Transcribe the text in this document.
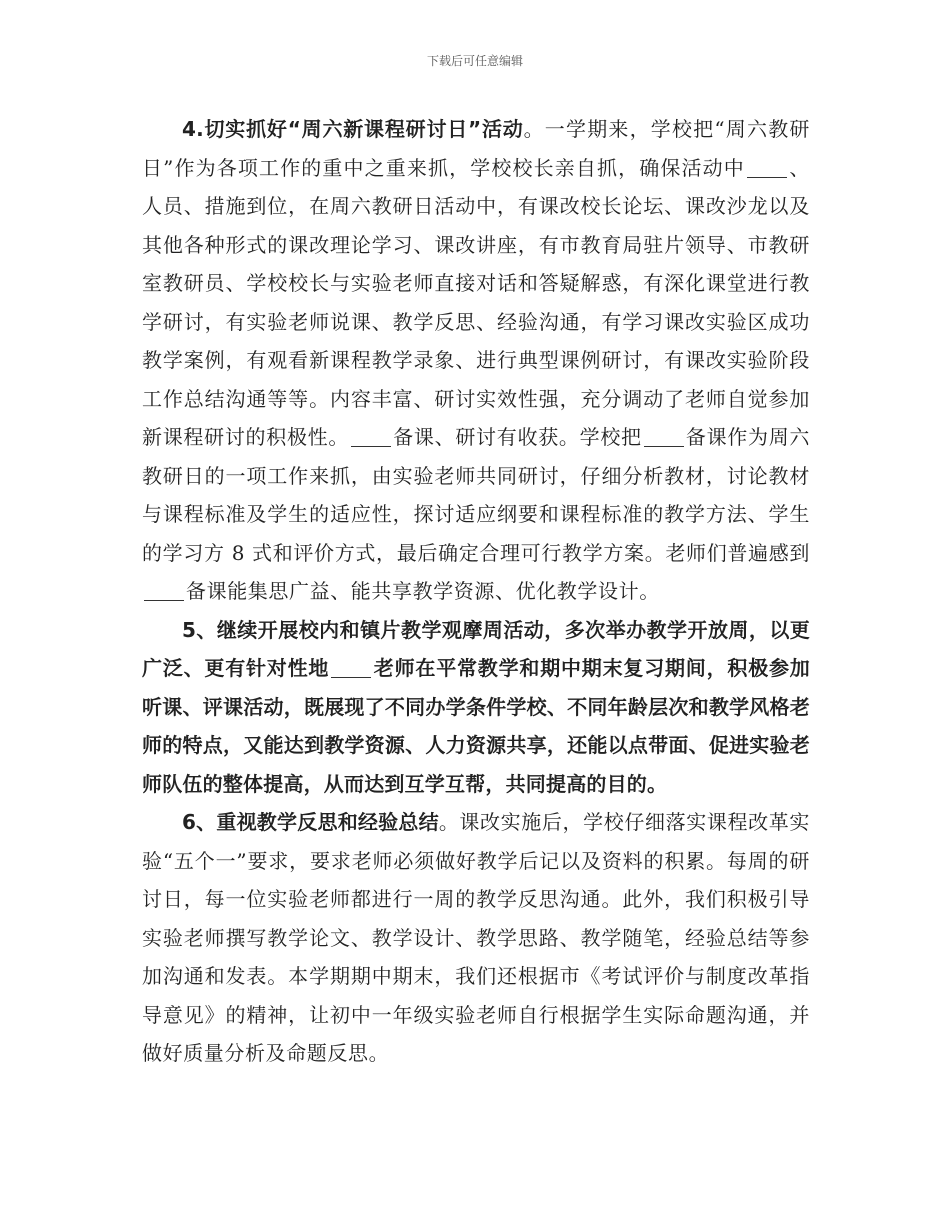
下载后可任意编辑

4.切实抓好“周六新课程研讨日”活动。一学期来，学校把“周六教研日”作为各项工作的重中之重来抓，学校校长亲自抓，确保活动中 、人员、措施到位，在周六教研日活动中，有课改校长论坛、课改沙龙以及其他各种形式的课改理论学习、课改讲座，有市教育局驻片领导、市教研室教研员、学校校长与实验老师直接对话和答疑解惑，有深化课堂进行教学研讨，有实验老师说课、教学反思、经验沟通，有学习课改实验区成功教学案例，有观看新课程教学录象、进行典型课例研讨，有课改实验阶段工作总结沟通等等。内容丰富、研讨实效性强，充分调动了老师自觉参加新课程研讨的积极性。 备课、研讨有收获。学校把 备课作为周六教研日的一项工作来抓，由实验老师共同研讨，仔细分析教材，讨论教材与课程标准及学生的适应性，探讨适应纲要和课程标准的教学方法、学生的学习方 8 式和评价方式，最后确定合理可行教学方案。老师们普遍感到备课能集思广益、能共享教学资源、优化教学设计。

5、继续开展校内和镇片教学观摩周活动，多次举办教学开放周，以更广泛、更有针对性地 老师在平常教学和期中期末复习期间，积极参加听课、评课活动，既展现了不同办学条件学校、不同年龄层次和教学风格老师的特点，又能达到教学资源、人力资源共享，还能以点带面、促进实验老师队伍的整体提高，从而达到互学互帮，共同提高的目的。

6、重视教学反思和经验总结。课改实施后，学校仔细落实课程改革实验“五个一”要求，要求老师必须做好教学后记以及资料的积累。每周的研讨日，每一位实验老师都进行一周的教学反思沟通。此外，我们积极引导实验老师撰写教学论文、教学设计、教学思路、教学随笔，经验总结等参加沟通和发表。本学期期中期末，我们还根据市《考试评价与制度改革指导意见》的精神，让初中一年级实验老师自行根据学生实际命题沟通，并做好质量分析及命题反思。
